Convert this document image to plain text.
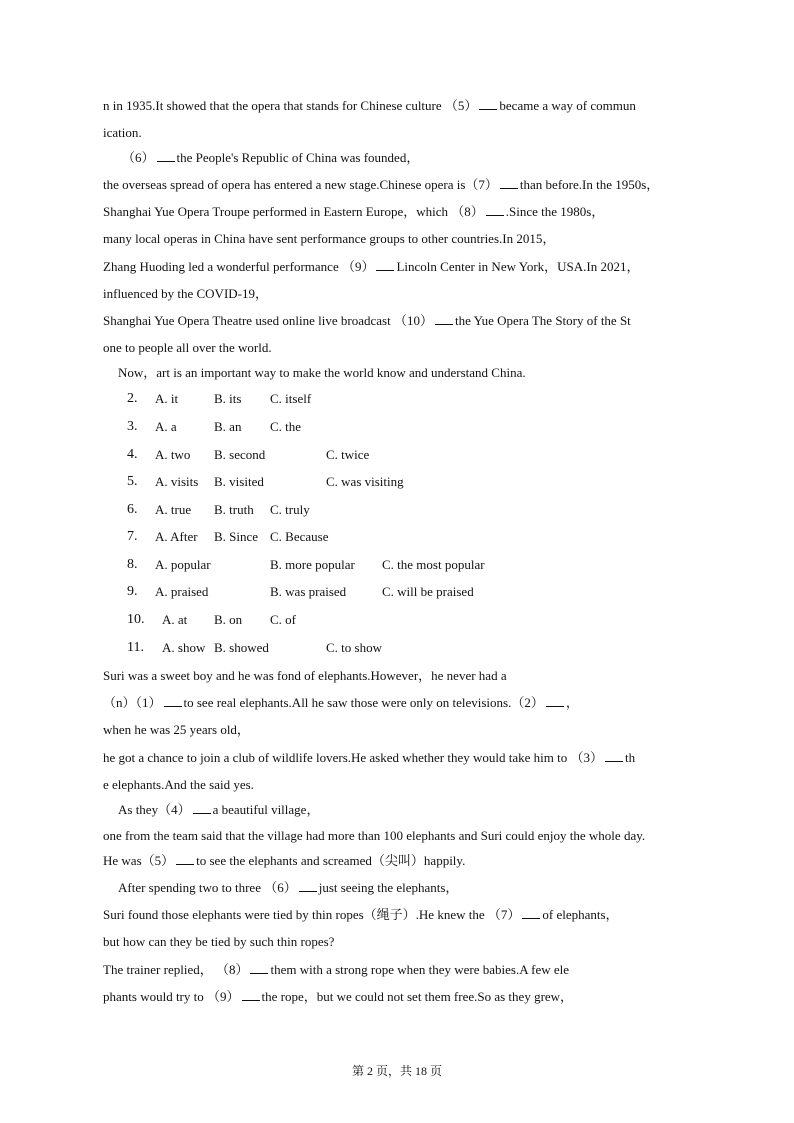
n in 1935.It showed that the opera that stands for Chinese culture （5） became a way of commun
ication.
（6） the People's Republic of China was founded，
the overseas spread of opera has entered a new stage.Chinese opera is（7） than before.In the 1950s，
Shanghai Yue Opera Troupe performed in Eastern Europe，which （8） .Since the 1980s，
many local operas in China have sent performance groups to other countries.In 2015，
Zhang Huoding led a wonderful performance （9） Lincoln Center in New York，USA.In 2021，
influenced by the COVID-19，
Shanghai Yue Opera Theatre used online live broadcast （10） the Yue Opera The Story of the St
one to people all over the world.
Now，art is an important way to make the world know and understand China.
2. A. it	B. its C. itself
3. A. a	B. an C. the
4. A. two B. second	C. twice
5. A. visits B. visited	C. was visiting
6. A. true B. truth C. truly
7. A. After B. Since C. Because
8. A. popular	B. more popular C. the most popular
9. A. praised	B. was praised	C. will be praised
10. A. at B. on C. of
11. A. show B. showed	C. to show
Suri was a sweet boy and he was fond of elephants.However，he never had a
（n）（1） to see real elephants.All he saw those were only on televisions.（2） ，
when he was 25 years old，
he got a chance to join a club of wildlife lovers.He asked whether they would take him to （3） th
e elephants.And the said yes.
As they（4） a beautiful village，
one from the team said that the village had more than 100 elephants and Suri could enjoy the whole day.
He was（5） to see the elephants and screamed（尖叫）happily.
After spending two to three （6） just seeing the elephants，
Suri found those elephants were tied by thin ropes（绳子）.He knew the （7） of elephants，
but how can they be tied by such thin ropes?
The trainer replied， （8） them with a strong rope when they were babies.A few ele
phants would try to （9） the rope，but we could not set them free.So as they grew，
第 2 页，共 18 页
